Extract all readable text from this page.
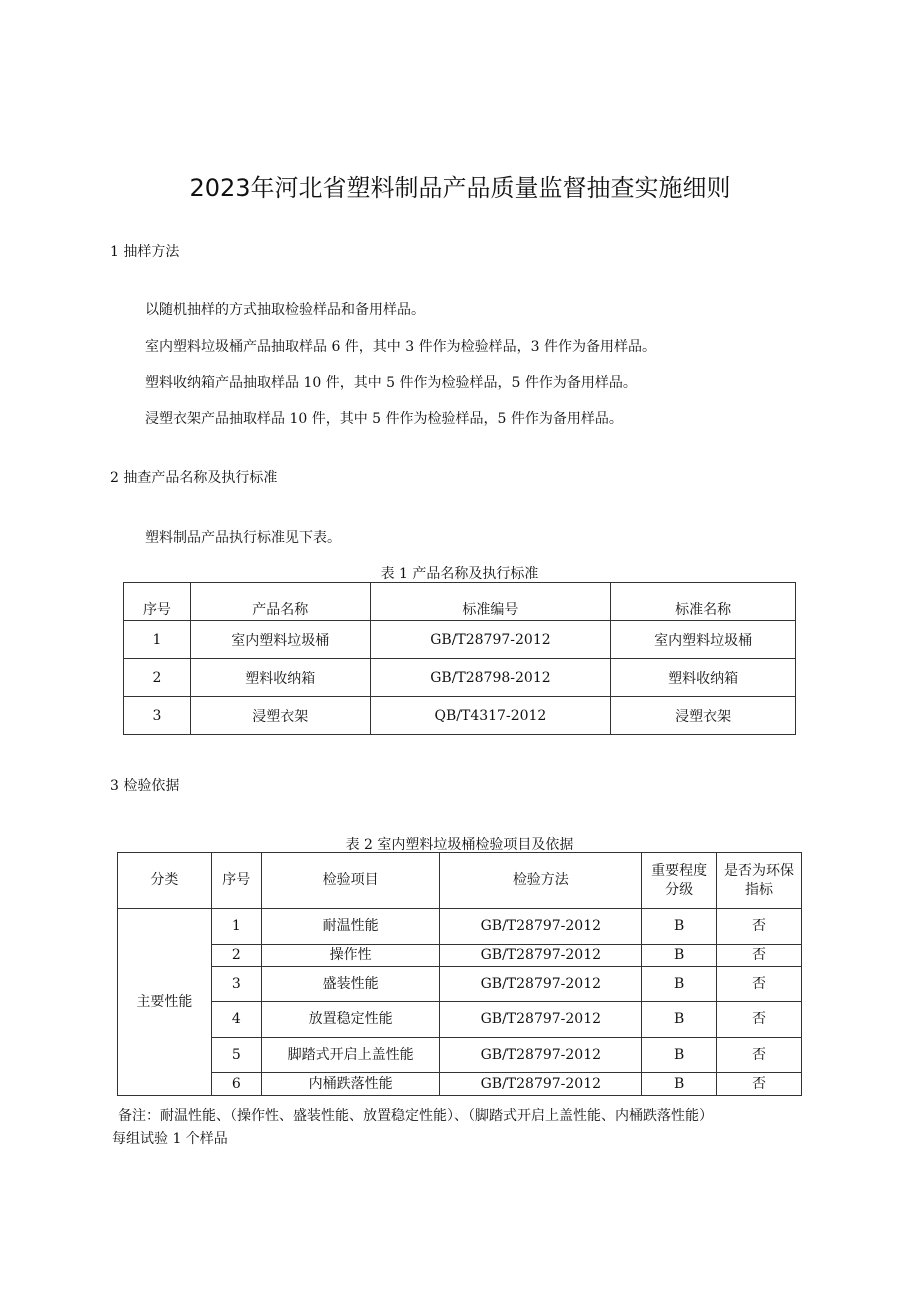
2023年河北省塑料制品产品质量监督抽查实施细则
1 抽样方法
以随机抽样的方式抽取检验样品和备用样品。
室内塑料垃圾桶产品抽取样品 6 件，其中 3 件作为检验样品，3 件作为备用样品。
塑料收纳箱产品抽取样品 10 件，其中 5 件作为检验样品，5 件作为备用样品。
浸塑衣架产品抽取样品 10 件，其中 5 件作为检验样品，5 件作为备用样品。
2 抽查产品名称及执行标准
塑料制品产品执行标准见下表。
表 1 产品名称及执行标准
序号	产品名称	标准编号	标准名称
1	室内塑料垃圾桶	GB/T28797-2012	室内塑料垃圾桶
2	塑料收纳箱	GB/T28798-2012	塑料收纳箱
3	浸塑衣架	QB/T4317-2012	浸塑衣架
3 检验依据
表 2 室内塑料垃圾桶检验项目及依据
分类	序号	检验项目	检验方法	重要程度分级	是否为环保指标
主要性能	1	耐温性能	GB/T28797-2012	B	否
	2	操作性	GB/T28797-2012	B	否
	3	盛装性能	GB/T28797-2012	B	否
	4	放置稳定性能	GB/T28797-2012	B	否
	5	脚踏式开启上盖性能	GB/T28797-2012	B	否
	6	内桶跌落性能	GB/T28797-2012	B	否
备注：耐温性能、（操作性、盛装性能、放置稳定性能）、（脚踏式开启上盖性能、内桶跌落性能）
每组试验 1 个样品
